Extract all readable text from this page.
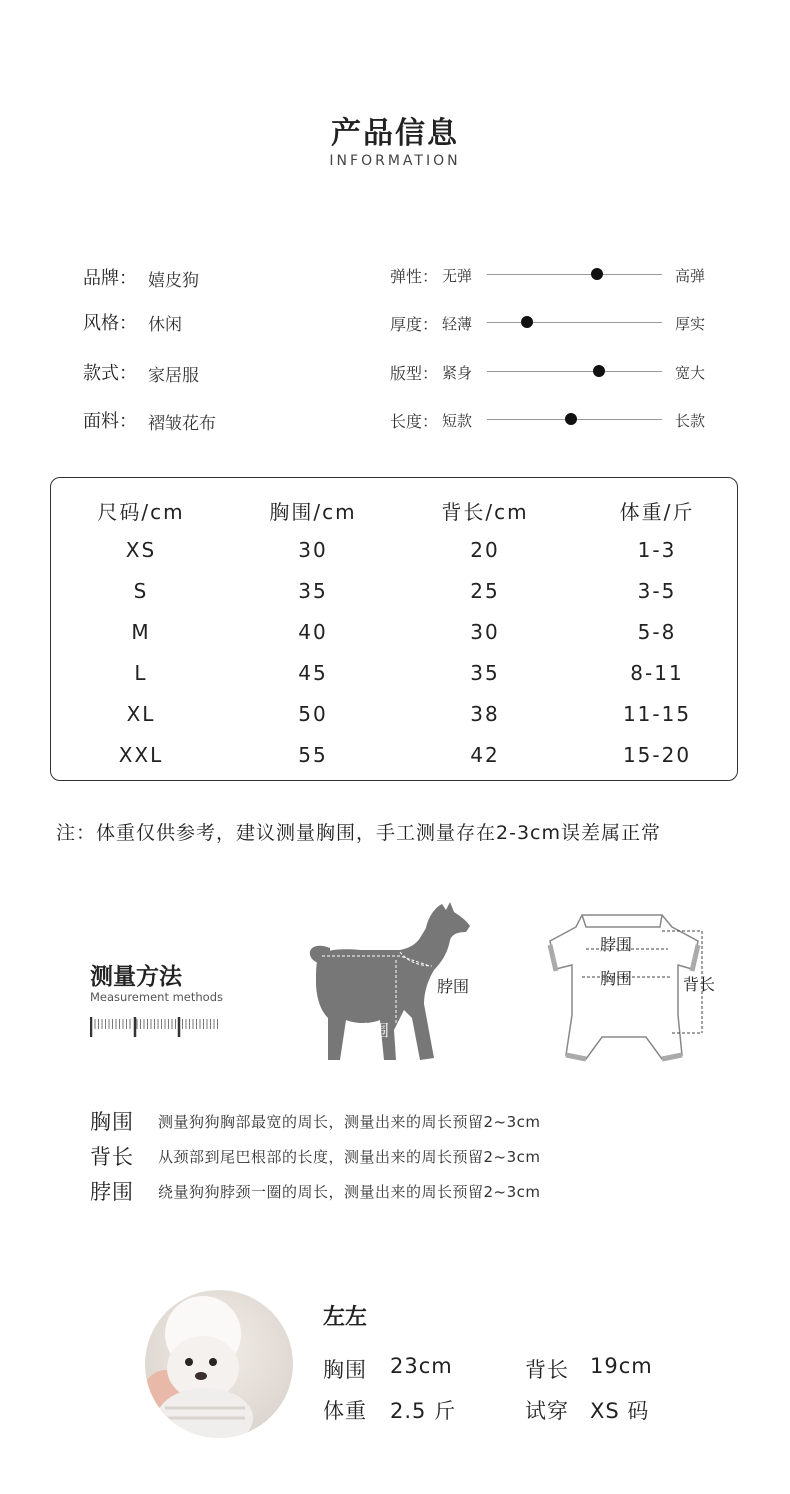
产品信息
INFORMATION
品牌： 嬉皮狗
风格： 休闲
款式： 家居服
面料： 褶皱花布
弹性： 无弹	高弹
厚度： 轻薄	厚实
版型： 紧身	宽大
长度： 短款	长款
尺码/cm	胸围/cm	背长/cm	体重/斤
XS	30	20	1-3
S	35	25	3-5
M	40	30	5-8
L	45	35	8-11
XL	50	38	11-15
XXL	55	42	15-20
注：体重仅供参考，建议测量胸围，手工测量存在2-3cm误差属正常
测量方法
Measurement methods
背长
脖围
胸围
脖围
胸围	背长
胸围 测量狗狗胸部最宽的周长，测量出来的周长预留2~3cm
背长 从颈部到尾巴根部的长度，测量出来的周长预留2~3cm
脖围 绕量狗狗脖颈一圈的周长，测量出来的周长预留2~3cm
左左
胸围 23cm	背长 19cm
体重 2.5 斤	试穿 XS 码
